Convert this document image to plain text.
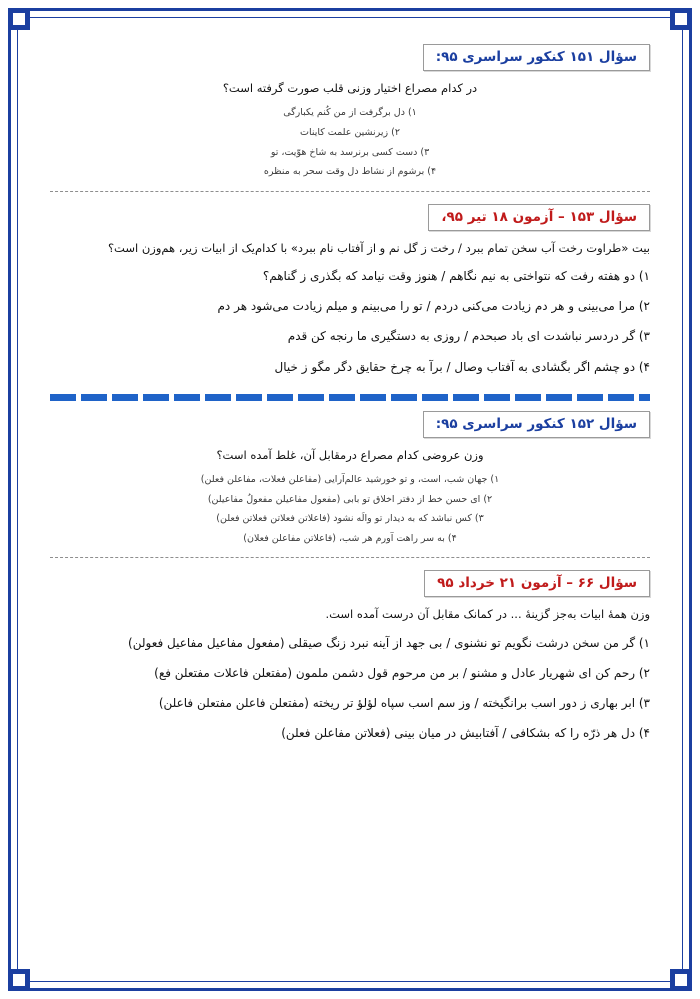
سؤال ۱۵۱ کنکور سراسری ۹۵:
در کدام مصراع اختیار وزنی قلب صورت گرفته است؟
۱) دل برگرفت از من کُنم یکبارگی
۲) زیرنشین علمت کاینات
۳) دست کسی برنرسد به شاخ هوّیت، تو
۴) برشوم از نشاط دل وقت سحر به منظره
سؤال ۱۵۳ – آزمون ۱۸ تیر ۹۵،
بیت «طراوت رخت آب سخن تمام ببرد / رخت ز گل نم و از آفتاب نام ببرد» با کدام‌یک از ابیات زیر، هم‌وزن است؟
۱) دو هفته رفت که نتواختی به نیم نگاهم / هنوز وقت نیامد که بگذری ز گناهم؟
۲) مرا می‌بینی و هر دم زیادت می‌کنی دردم / تو را می‌بینم و میلم زیادت می‌شود هر دم
۳) گر دردسر نباشدت ای باد صبحدم / روزی به دستگیری ما رنجه کن قدم
۴) دو چشم اگر بگشادی به آفتاب وصال / برآ به چرخ حقایق دگر مگو ز خیال
سؤال ۱۵۲ کنکور سراسری ۹۵:
وزن عروضی کدام مصراع درمقابل آن، غلط آمده است؟
۱) جهان شب، است، و تو خورشید عالم‌آرایی (مفاعلن فعلات، مفاعلن فعلن)
۲) ای حسن خط از دفتر اخلاق تو بابی (مفعول مفاعیلن مفعولُ مفاعیلن)
۳) کس نباشد که به دیدار تو والَه نشود (فاعلاتن فعلاتن فعلاتن فعلن)
۴) به سر راهت آورم هر شب، (فاعلاتن مفاعلن فعلان)
سؤال ۶۶ – آزمون ۲۱ خرداد ۹۵
وزن همهٔ ابیات به‌جز گزینهٔ ... در کمانک مقابل آن درست آمده است.
۱) گر من سخن درشت نگویم تو نشنوی / بی جهد از آینه نبرد زنگ صیقلی (مفعول مفاعیل مفاعیل فعولن)
۲) رحم کن ای شهریار عادل و مشنو / بر من مرحوم قول دشمن ملمون (مفتعلن فاعلات مفتعلن فع)
۳) ابر بهاری ز دور اسب برانگیخته / وز سم اسب سپاه لؤلؤ تر ریخته (مفتعلن فاعلن مفتعلن فاعلن)
۴) دل هر ذرّه را که بشکافی / آفتابیش در میان بینی (فعلاتن مفاعلن فعلن)
